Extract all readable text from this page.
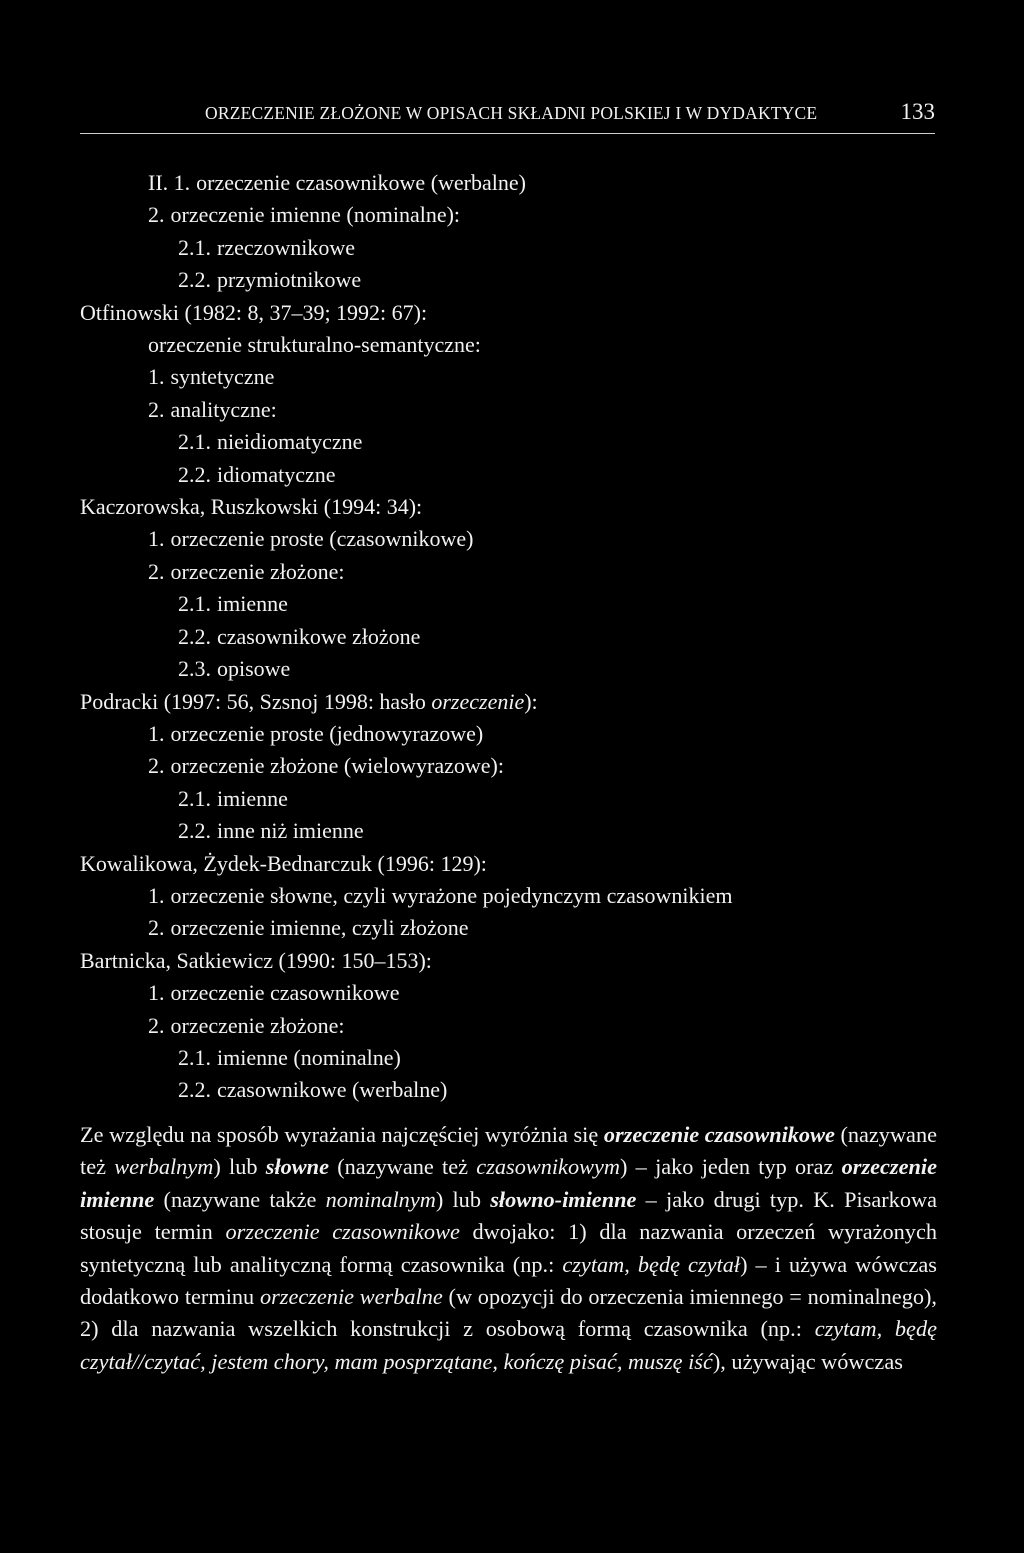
ORZECZENIE ZŁOŻONE W OPISACH SKŁADNI POLSKIEJ I W DYDAKTYCE	133
II. 1. orzeczenie czasownikowe (werbalne)
2. orzeczenie imienne (nominalne):
2.1. rzeczownikowe
2.2. przymiotnikowe
Otfinowski (1982: 8, 37–39; 1992: 67):
orzeczenie strukturalno-semantyczne:
1. syntetyczne
2. analityczne:
2.1. nieidiomatyczne
2.2. idiomatyczne
Kaczorowska, Ruszkowski (1994: 34):
1. orzeczenie proste (czasownikowe)
2. orzeczenie złożone:
2.1. imienne
2.2. czasownikowe złożone
2.3. opisowe
Podracki (1997: 56, Szsnoj 1998: hasło orzeczenie):
1. orzeczenie proste (jednowyrazowe)
2. orzeczenie złożone (wielowyrazowe):
2.1. imienne
2.2. inne niż imienne
Kowalikowa, Żydek-Bednarczuk (1996: 129):
1. orzeczenie słowne, czyli wyrażone pojedynczym czasownikiem
2. orzeczenie imienne, czyli złożone
Bartnicka, Satkiewicz (1990: 150–153):
1. orzeczenie czasownikowe
2. orzeczenie złożone:
2.1. imienne (nominalne)
2.2. czasownikowe (werbalne)

Ze względu na sposób wyrażania najczęściej wyróżnia się orzeczenie czasownikowe (nazywane też werbalnym) lub słowne (nazywane też czasownikowym) – jako jeden typ oraz orzeczenie imienne (nazywane także nominalnym) lub słowno-imienne – jako drugi typ. K. Pisarkowa stosuje termin orzeczenie czasownikowe dwojako: 1) dla nazwania orzeczeń wyrażonych syntetyczną lub analityczną formą czasownika (np.: czytam, będę czytał) – i używa wówczas dodatkowo terminu orzeczenie werbalne (w opozycji do orzeczenia imiennego = nominalnego), 2) dla nazwania wszelkich konstrukcji z osobową formą czasownika (np.: czytam, będę czytał//czytać, jestem chory, mam posprzątane, kończę pisać, muszę iść), używając wówczas
